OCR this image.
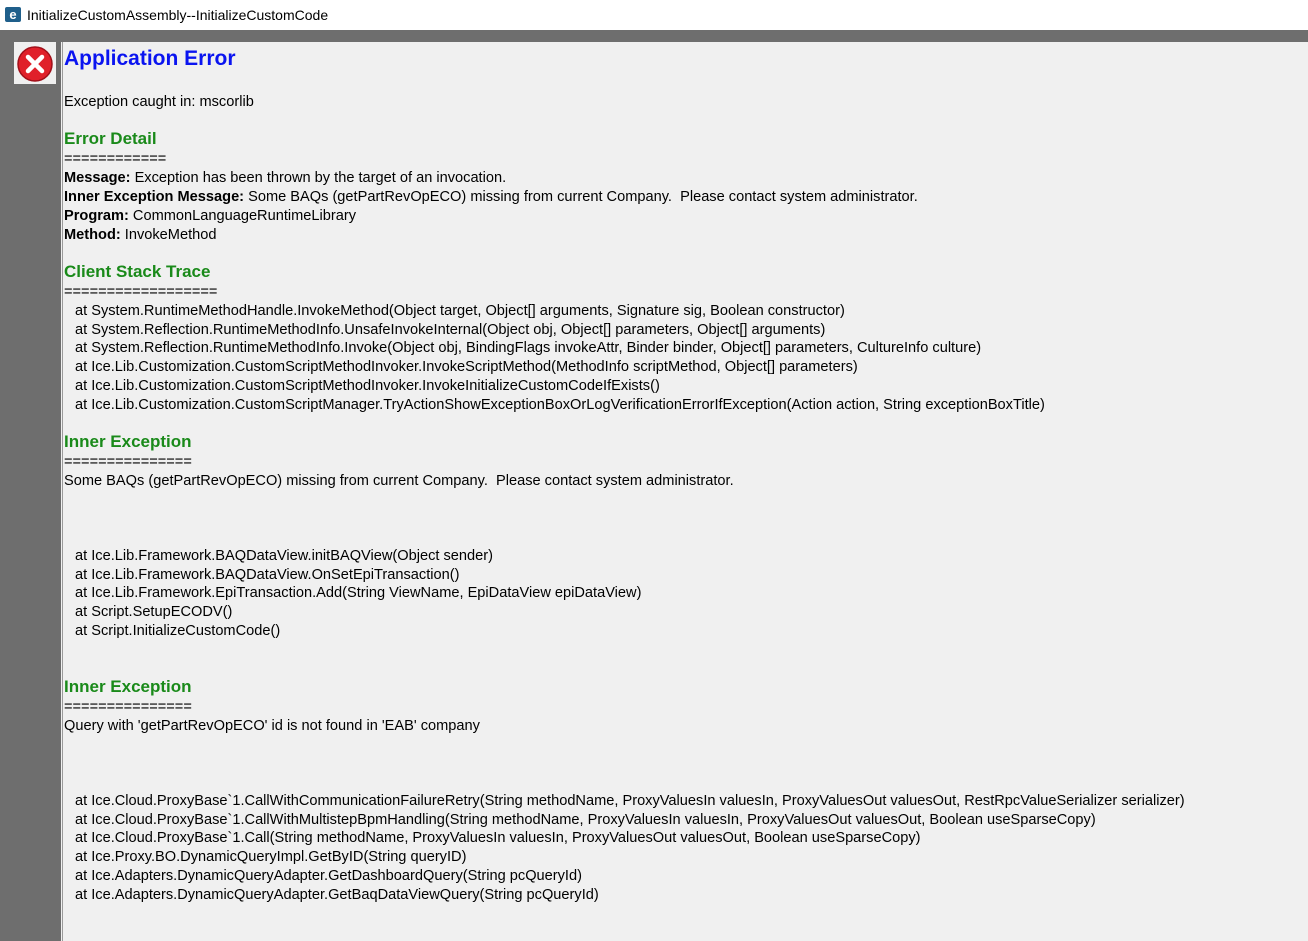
e InitializeCustomAssembly--InitializeCustomCode
Application Error
Exception caught in: mscorlib
Error Detail
============
Message: Exception has been thrown by the target of an invocation.
Inner Exception Message: Some BAQs (getPartRevOpECO) missing from current Company.  Please contact system administrator.
Program: CommonLanguageRuntimeLibrary
Method: InvokeMethod
Client Stack Trace
==================
at System.RuntimeMethodHandle.InvokeMethod(Object target, Object[] arguments, Signature sig, Boolean constructor)
at System.Reflection.RuntimeMethodInfo.UnsafeInvokeInternal(Object obj, Object[] parameters, Object[] arguments)
at System.Reflection.RuntimeMethodInfo.Invoke(Object obj, BindingFlags invokeAttr, Binder binder, Object[] parameters, CultureInfo culture)
at Ice.Lib.Customization.CustomScriptMethodInvoker.InvokeScriptMethod(MethodInfo scriptMethod, Object[] parameters)
at Ice.Lib.Customization.CustomScriptMethodInvoker.InvokeInitializeCustomCodeIfExists()
at Ice.Lib.Customization.CustomScriptManager.TryActionShowExceptionBoxOrLogVerificationErrorIfException(Action action, String exceptionBoxTitle)
Inner Exception
===============
Some BAQs (getPartRevOpECO) missing from current Company.  Please contact system administrator.
at Ice.Lib.Framework.BAQDataView.initBAQView(Object sender)
at Ice.Lib.Framework.BAQDataView.OnSetEpiTransaction()
at Ice.Lib.Framework.EpiTransaction.Add(String ViewName, EpiDataView epiDataView)
at Script.SetupECODV()
at Script.InitializeCustomCode()
Inner Exception
===============
Query with 'getPartRevOpECO' id is not found in 'EAB' company
at Ice.Cloud.ProxyBase`1.CallWithCommunicationFailureRetry(String methodName, ProxyValuesIn valuesIn, ProxyValuesOut valuesOut, RestRpcValueSerializer serializer)
at Ice.Cloud.ProxyBase`1.CallWithMultistepBpmHandling(String methodName, ProxyValuesIn valuesIn, ProxyValuesOut valuesOut, Boolean useSparseCopy)
at Ice.Cloud.ProxyBase`1.Call(String methodName, ProxyValuesIn valuesIn, ProxyValuesOut valuesOut, Boolean useSparseCopy)
at Ice.Proxy.BO.DynamicQueryImpl.GetByID(String queryID)
at Ice.Adapters.DynamicQueryAdapter.GetDashboardQuery(String pcQueryId)
at Ice.Adapters.DynamicQueryAdapter.GetBaqDataViewQuery(String pcQueryId)
